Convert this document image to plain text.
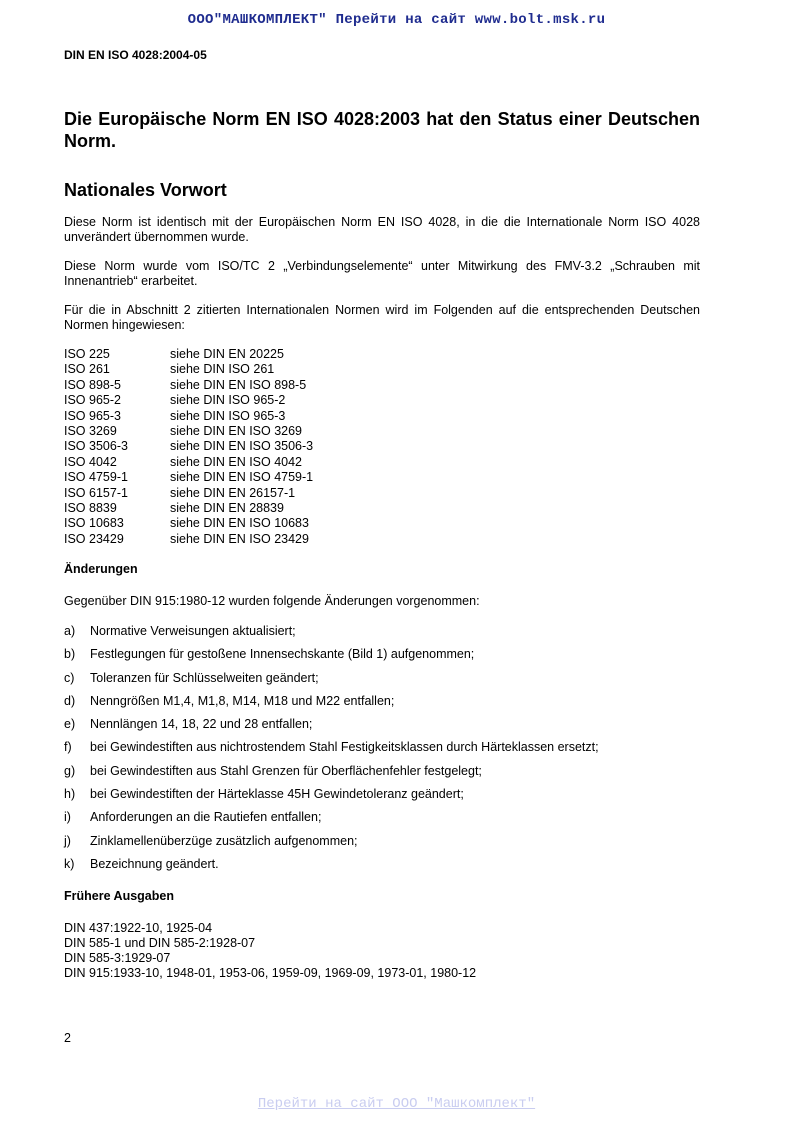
ООО"МАШКОМПЛЕКТ" Перейти на сайт www.bolt.msk.ru
DIN EN ISO 4028:2004-05
Die Europäische Norm EN ISO 4028:2003 hat den Status einer Deutschen Norm.
Nationales Vorwort
Diese Norm ist identisch mit der Europäischen Norm EN ISO 4028, in die die Internationale Norm ISO 4028 unverändert übernommen wurde.
Diese Norm wurde vom ISO/TC 2 „Verbindungselemente“ unter Mitwirkung des FMV-3.2 „Schrauben mit Innenantrieb“ erarbeitet.
Für die in Abschnitt 2 zitierten Internationalen Normen wird im Folgenden auf die entsprechenden Deutschen Normen hingewiesen:
ISO 225	siehe DIN EN 20225
ISO 261	siehe DIN ISO 261
ISO 898-5	siehe DIN EN ISO 898-5
ISO 965-2	siehe DIN ISO 965-2
ISO 965-3	siehe DIN ISO 965-3
ISO 3269	siehe DIN EN ISO 3269
ISO 3506-3	siehe DIN EN ISO 3506-3
ISO 4042	siehe DIN EN ISO 4042
ISO 4759-1	siehe DIN EN ISO 4759-1
ISO 6157-1	siehe DIN EN 26157-1
ISO 8839	siehe DIN EN 28839
ISO 10683	siehe DIN EN ISO 10683
ISO 23429	siehe DIN EN ISO 23429
Änderungen
Gegenüber DIN 915:1980-12 wurden folgende Änderungen vorgenommen:
a)	Normative Verweisungen aktualisiert;
b)	Festlegungen für gestoßene Innensechskante (Bild 1) aufgenommen;
c)	Toleranzen für Schlüsselweiten geändert;
d)	Nenngrößen M1,4, M1,8, M14, M18 und M22 entfallen;
e)	Nennlängen 14, 18, 22 und 28 entfallen;
f)	bei Gewindestiften aus nichtrostendem Stahl Festigkeitsklassen durch Härteklassen ersetzt;
g)	bei Gewindestiften aus Stahl Grenzen für Oberflächenfehler festgelegt;
h)	bei Gewindestiften der Härteklasse 45H Gewindetoleranz geändert;
i)	Anforderungen an die Rautiefen entfallen;
j)	Zinklamellenüberzüge zusätzlich aufgenommen;
k)	Bezeichnung geändert.
Frühere Ausgaben
DIN 437:1922-10, 1925-04
DIN 585-1 und DIN 585-2:1928-07
DIN 585-3:1929-07
DIN 915:1933-10, 1948-01, 1953-06, 1959-09, 1969-09, 1973-01, 1980-12
2
Перейти на сайт ООО "Машкомплект"
